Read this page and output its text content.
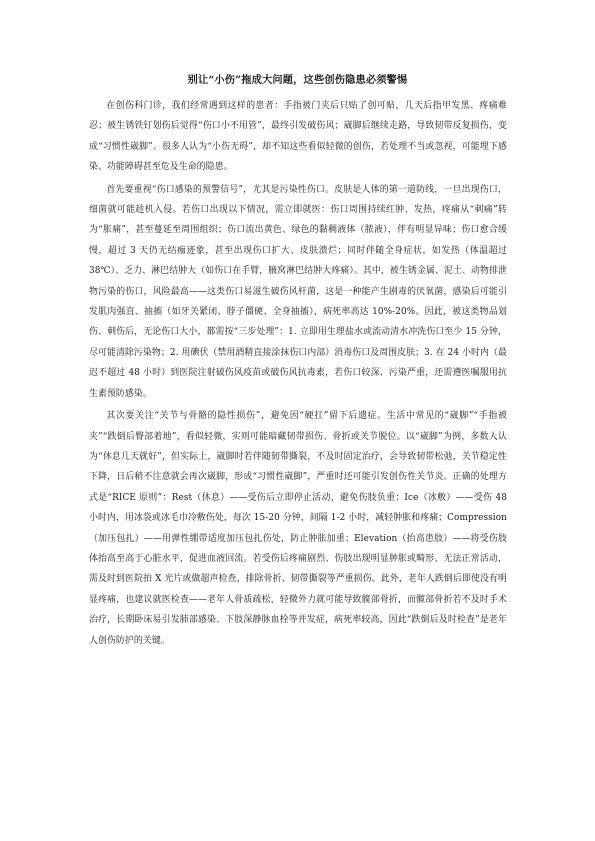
别让“小伤”拖成大问题，这些创伤隐患必须警惕

在创伤科门诊，我们经常遇到这样的患者：手指被门夹后只贴了创可贴，几天后指甲发黑、疼痛难忍；被生锈铁钉划伤后觉得“伤口小不用管”，最终引发破伤风；崴脚后继续走路，导致韧带反复损伤，变成“习惯性崴脚”。很多人认为“小伤无碍”，却不知这些看似轻微的创伤，若处理不当或忽视，可能埋下感染、功能障碍甚至危及生命的隐患。

首先要重视“伤口感染的预警信号”，尤其是污染性伤口。皮肤是人体的第一道防线，一旦出现伤口，细菌就可能趁机入侵。若伤口出现以下情况，需立即就医：伤口周围持续红肿、发热，疼痛从“刺痛”转为“胀痛”，甚至蔓延至周围组织；伤口流出黄色、绿色的黏稠液体（脓液），伴有明显异味；伤口愈合缓慢，超过 3 天仍无结痂迹象，甚至出现伤口扩大、皮肤溃烂；同时伴随全身症状，如发热（体温超过 38℃）、乏力、淋巴结肿大（如伤口在手臂，腋窝淋巴结肿大疼痛）。其中，被生锈金属、泥土、动物排泄物污染的伤口，风险最高——这类伤口易滋生破伤风杆菌，这是一种能产生剧毒的厌氧菌，感染后可能引发肌肉强直、抽搐（如牙关紧闭、脖子僵硬、全身抽搐），病死率高达 10%-20%。因此，被这类物品划伤、刺伤后，无论伤口大小，都需按“三步处理”：1. 立即用生理盐水或流动清水冲洗伤口至少 15 分钟，尽可能清除污染物；2. 用碘伏（禁用酒精直接涂抹伤口内部）消毒伤口及周围皮肤；3. 在 24 小时内（最迟不超过 48 小时）到医院注射破伤风疫苗或破伤风抗毒素，若伤口较深、污染严重，还需遵医嘱服用抗生素预防感染。

其次要关注“关节与骨骼的隐性损伤”，避免因“硬扛”留下后遗症。生活中常见的“崴脚”“手指被夹”“跌倒后臀部着地”，看似轻微，实则可能暗藏韧带损伤、骨折或关节脱位。以“崴脚”为例，多数人认为“休息几天就好”，但实际上，崴脚时若伴随韧带撕裂，不及时固定治疗，会导致韧带松弛，关节稳定性下降，日后稍不注意就会再次崴脚，形成“习惯性崴脚”，严重时还可能引发创伤性关节炎。正确的处理方式是“RICE 原则”：Rest（休息）——受伤后立即停止活动，避免伤肢负重；Ice（冰敷）——受伤 48 小时内，用冰袋或冰毛巾冷敷伤处，每次 15-20 分钟，间隔 1-2 小时，减轻肿胀和疼痛；Compression（加压包扎）——用弹性绷带适度加压包扎伤处，防止肿胀加重；Elevation（抬高患肢）——将受伤肢体抬高至高于心脏水平，促进血液回流。若受伤后疼痛剧烈、伤肢出现明显肿胀或畸形、无法正常活动，需及时到医院拍 X 光片或做超声检查，排除骨折、韧带撕裂等严重损伤。此外，老年人跌倒后即使没有明显疼痛，也建议就医检查——老年人骨质疏松，轻微外力就可能导致髋部骨折，而髋部骨折若不及时手术治疗，长期卧床易引发肺部感染、下肢深静脉血栓等并发症，病死率较高，因此“跌倒后及时检查”是老年人创伤防护的关键。
